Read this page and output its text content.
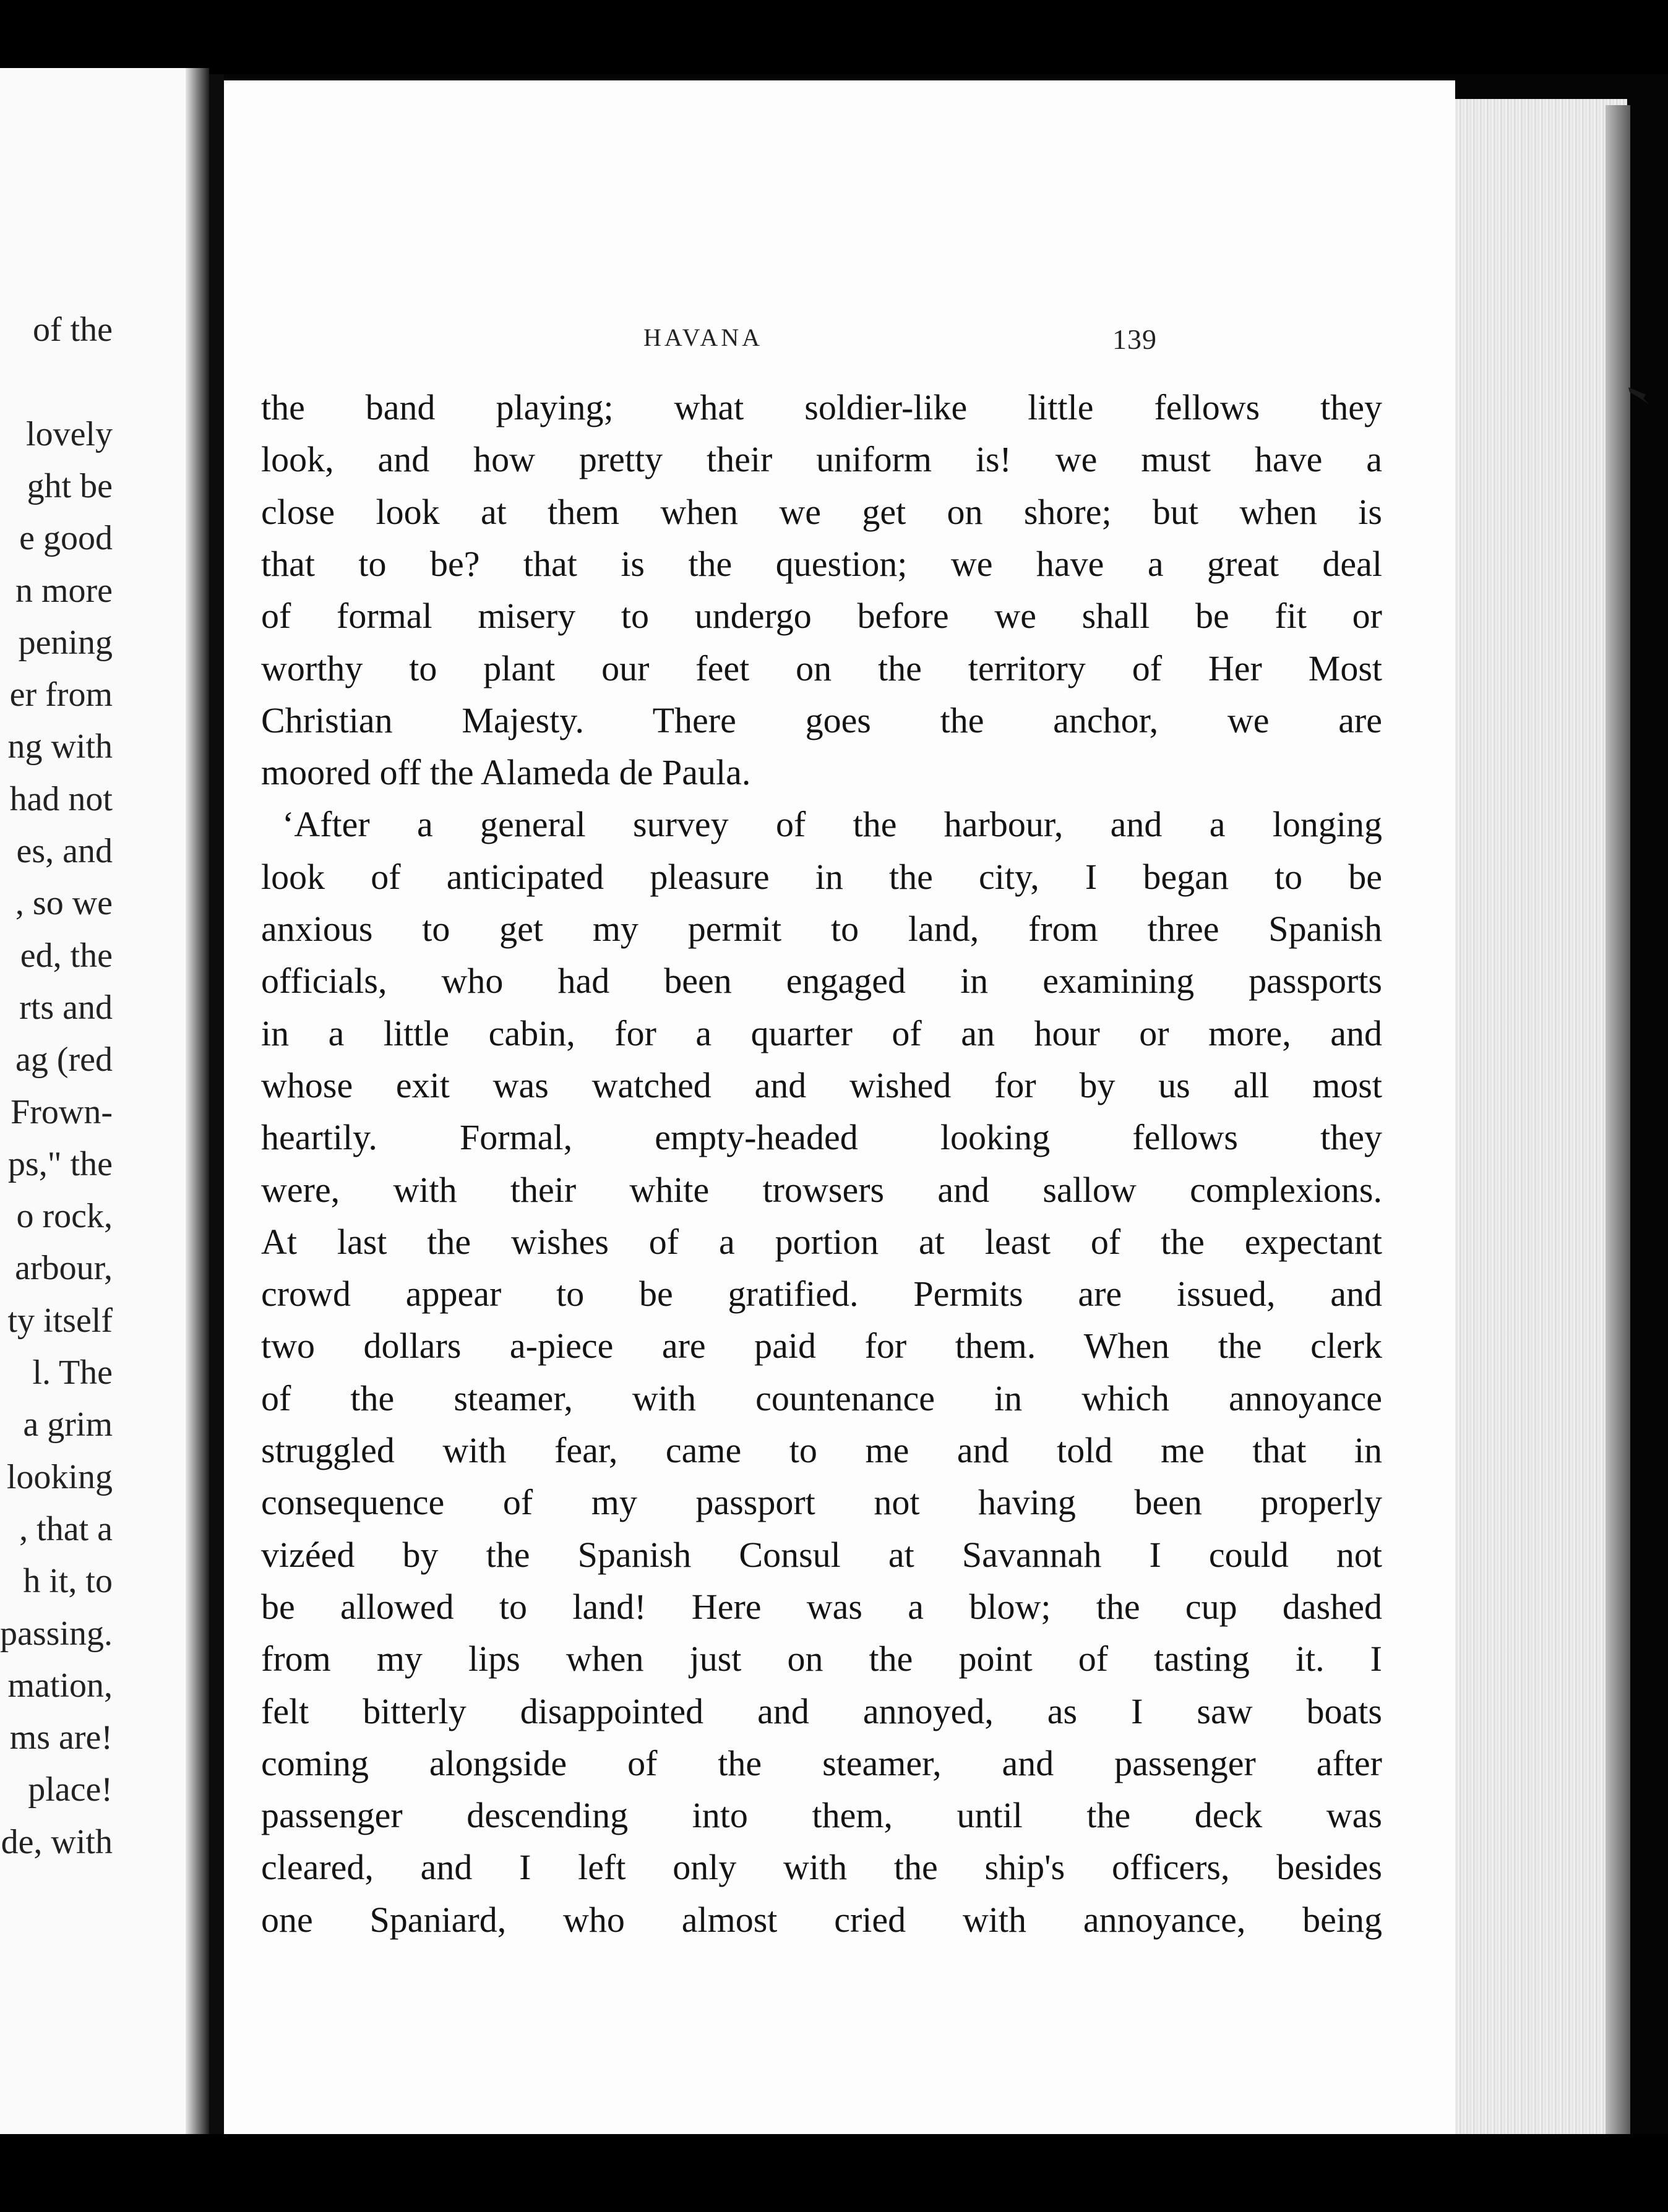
of the
lovely
ght be
e good
n more
pening
er from
ng with
had not
es, and
, so we
ed, the
rts and
ag (red
Frown-
ps," the
o rock,
arbour,
ty itself
l. The
a grim
looking
, that a
h it, to
passing.
mation,
ms are!
place!
de, with
HAVANA	139
the band playing; what soldier-like little fellows they
look, and how pretty their uniform is! we must have a
close look at them when we get on shore; but when is
that to be? that is the question; we have a great deal
of formal misery to undergo before we shall be fit or
worthy to plant our feet on the territory of Her Most
Christian Majesty. There goes the anchor, we are
moored off the Alameda de Paula.
‘After a general survey of the harbour, and a longing
look of anticipated pleasure in the city, I began to be
anxious to get my permit to land, from three Spanish
officials, who had been engaged in examining passports
in a little cabin, for a quarter of an hour or more, and
whose exit was watched and wished for by us all most
heartily. Formal, empty-headed looking fellows they
were, with their white trowsers and sallow complexions.
At last the wishes of a portion at least of the expectant
crowd appear to be gratified. Permits are issued, and
two dollars a-piece are paid for them. When the clerk
of the steamer, with countenance in which annoyance
struggled with fear, came to me and told me that in
consequence of my passport not having been properly
vizéed by the Spanish Consul at Savannah I could not
be allowed to land! Here was a blow; the cup dashed
from my lips when just on the point of tasting it. I
felt bitterly disappointed and annoyed, as I saw boats
coming alongside of the steamer, and passenger after
passenger descending into them, until the deck was
cleared, and I left only with the ship's officers, besides
one Spaniard, who almost cried with annoyance, being
